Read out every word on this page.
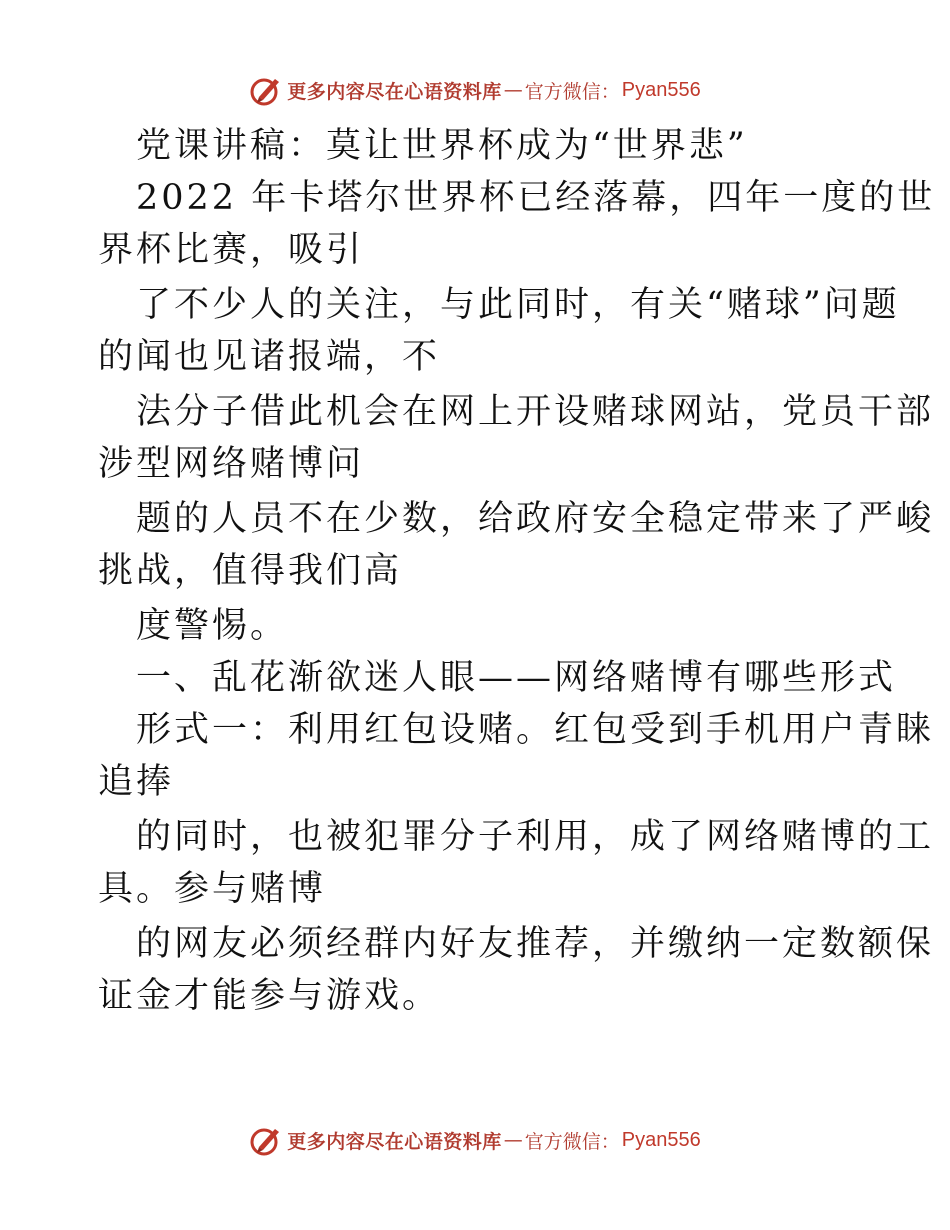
更多内容尽在心语资料库 — 官方微信： Pyan556
党课讲稿：莫让世界杯成为“世界悲”
2022 年卡塔尔世界杯已经落幕，四年一度的世
界杯比赛，吸引
了不少人的关注，与此同时，有关“赌球”问题
的闻也见诸报端，不
法分子借此机会在网上开设赌球网站，党员干部
涉型网络赌博问
题的人员不在少数，给政府安全稳定带来了严峻
挑战，值得我们高
度警惕。
一、乱花渐欲迷人眼——网络赌博有哪些形式
形式一：利用红包设赌。红包受到手机用户青睐
追捧
的同时，也被犯罪分子利用，成了网络赌博的工
具。参与赌博
的网友必须经群内好友推荐，并缴纳一定数额保
证金才能参与游戏。
更多内容尽在心语资料库 — 官方微信： Pyan556
